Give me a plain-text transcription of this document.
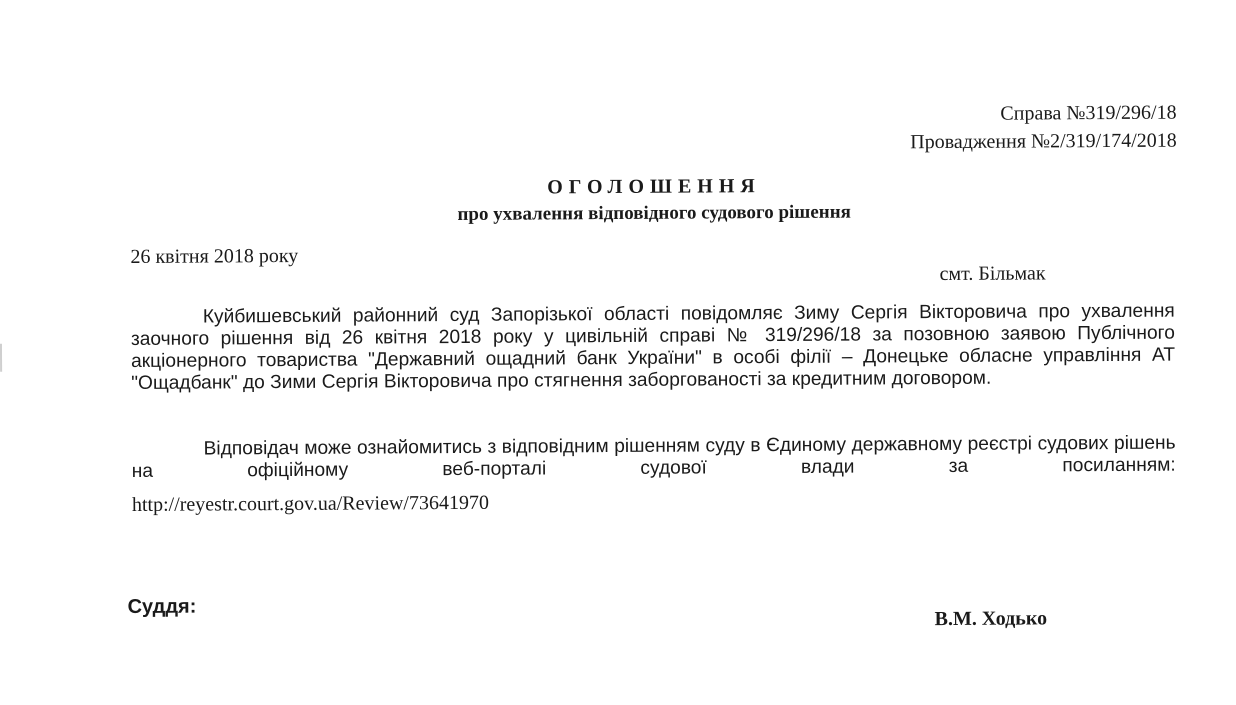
Справа №319/296/18
Провадження №2/319/174/2018
ОГОЛОШЕННЯ
про ухвалення відповідного судового рішення
26 квітня 2018 року
смт. Більмак
Куйбишевський районний суд Запорізької області повідомляє Зиму Сергія Вікторовича про ухвалення заочного рішення від 26 квітня 2018 року у цивільній справі № 319/296/18 за позовною заявою Публічного акціонерного товариства "Державний ощадний банк України" в особі філії – Донецьке обласне управління АТ "Ощадбанк" до Зими Сергія Вікторовича про стягнення заборгованості за кредитним договором.
Відповідач може ознайомитись з відповідним рішенням суду в Єдиному державному реєстрі судових рішень на офіційному веб-порталі судової влади за посиланням:
http://reyestr.court.gov.ua/Review/73641970
Суддя:
В.М. Ходько
